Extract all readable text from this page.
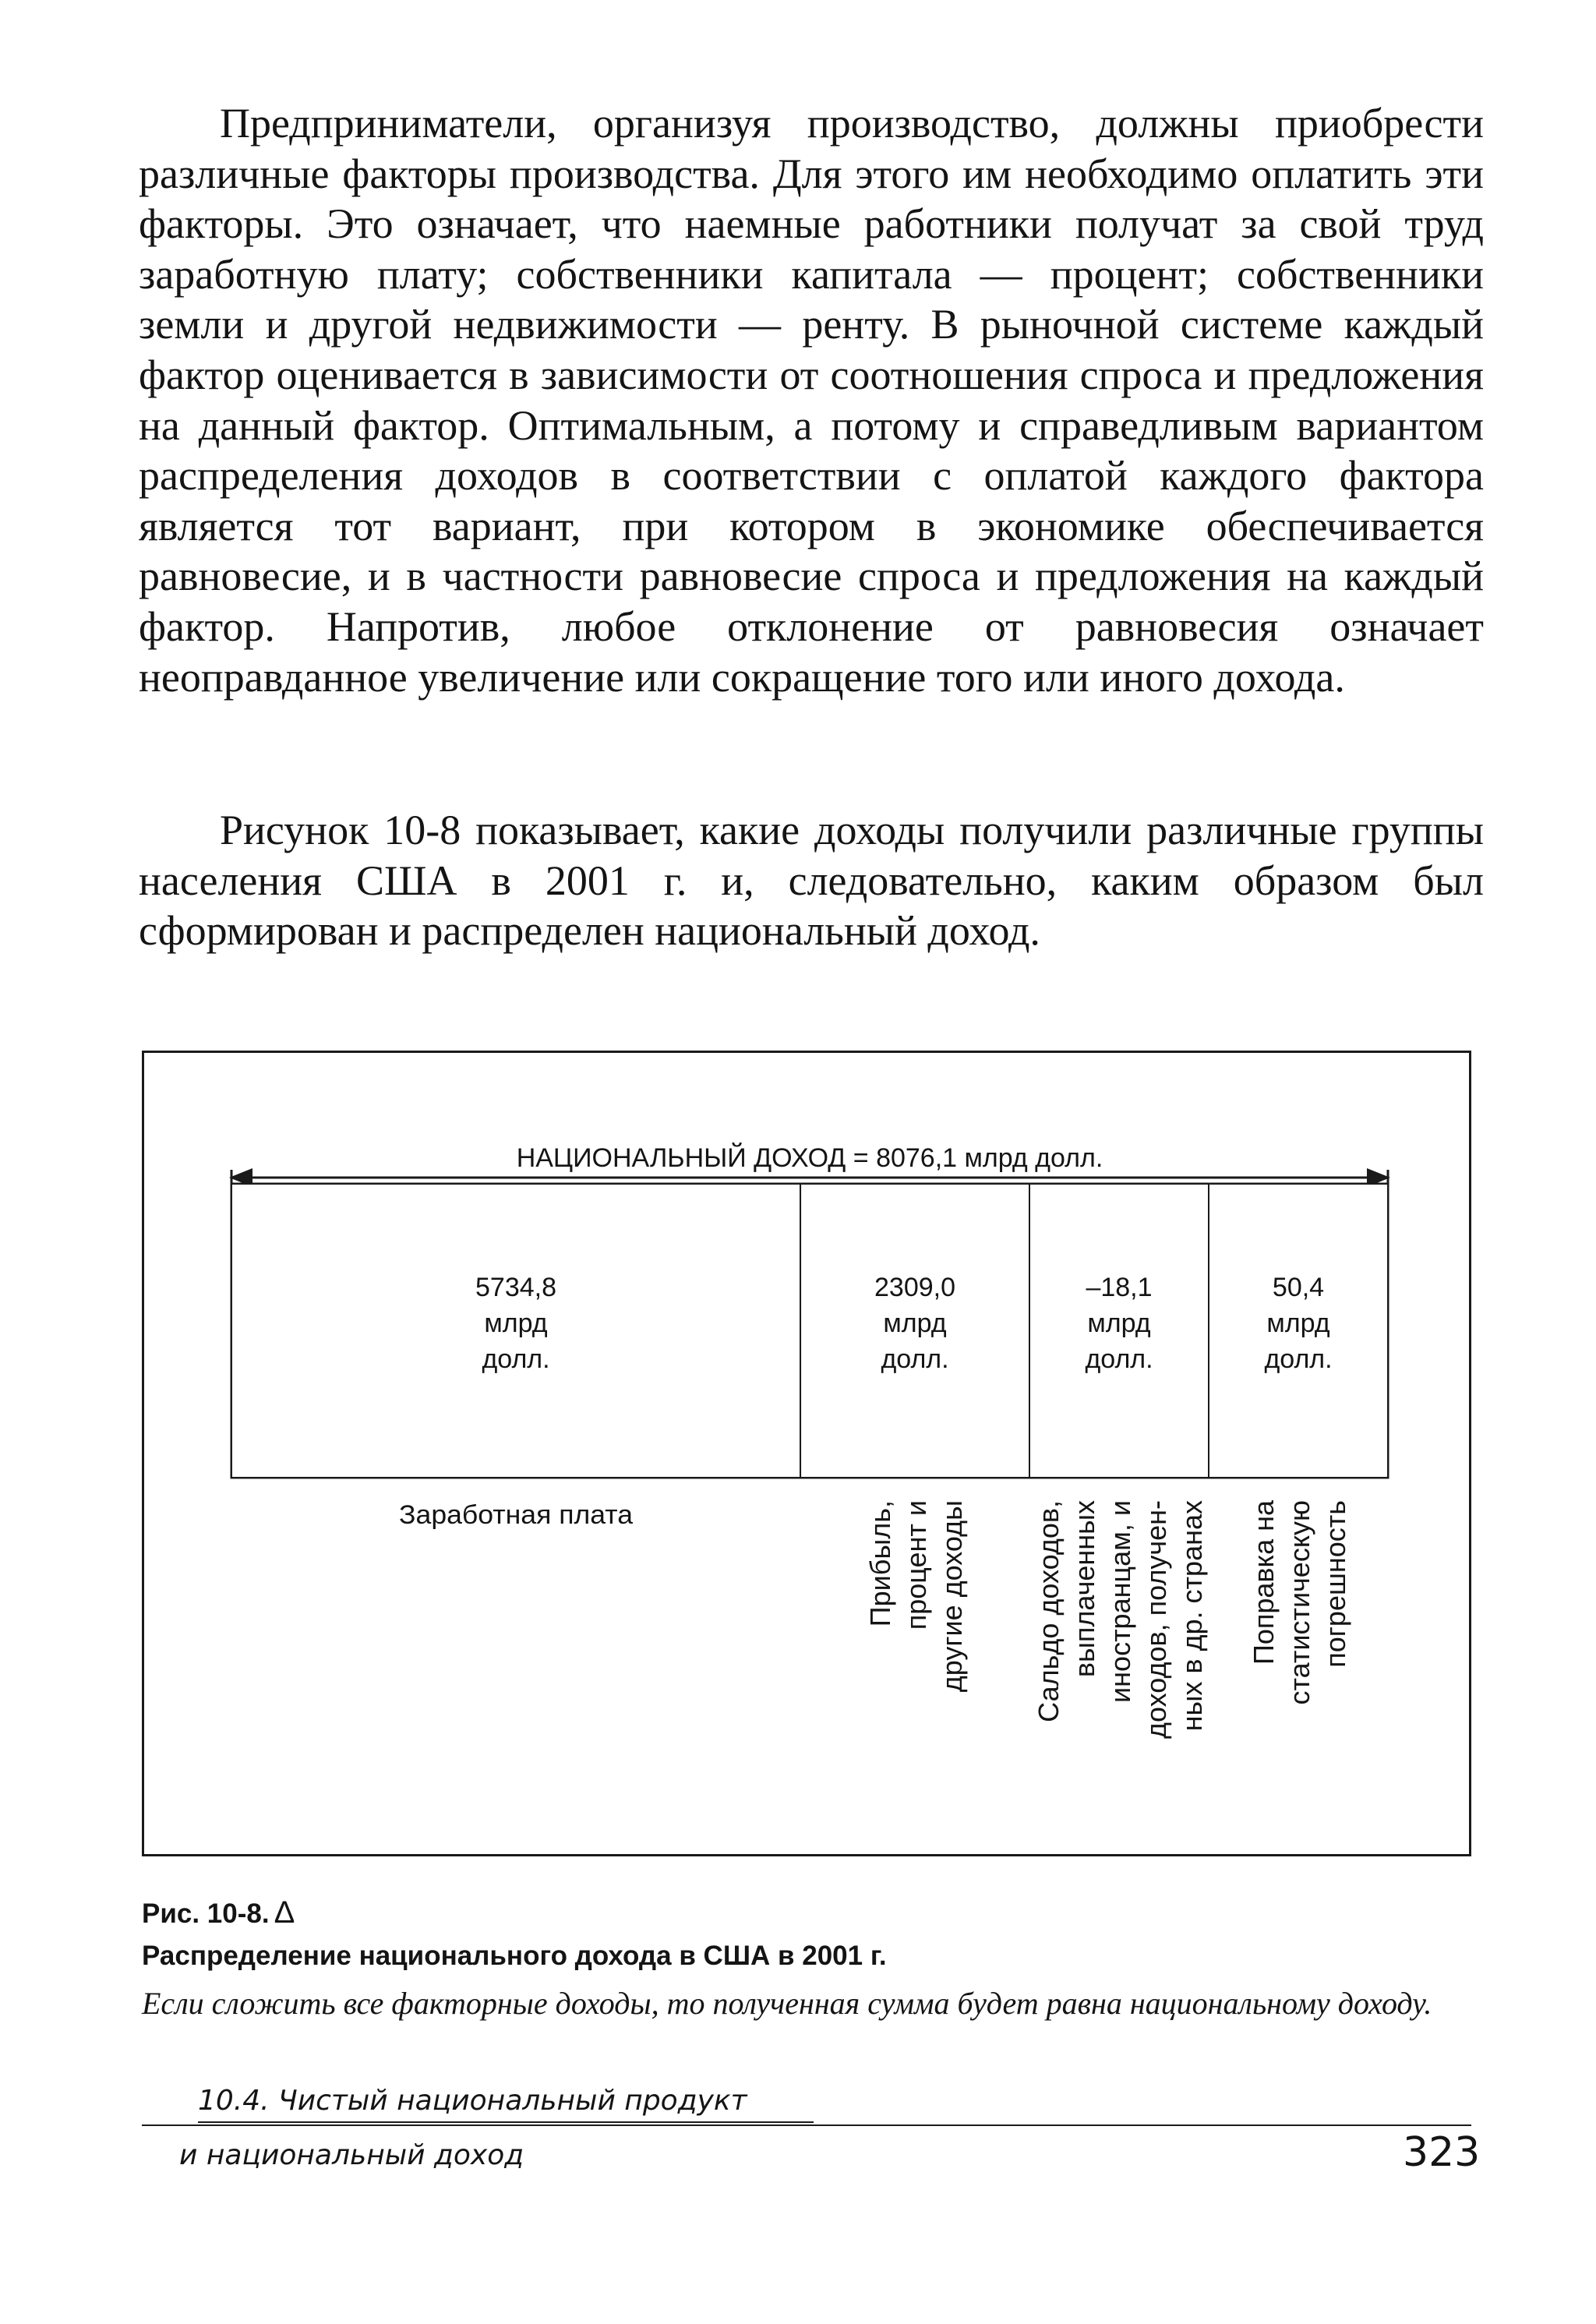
Предприниматели, организуя производство, должны приобрести различные факторы производства. Для этого им необходимо оплатить эти факторы. Это означает, что наемные работники получат за свой труд заработную плату; собственники капитала — процент; собственники земли и другой недвижимости — ренту. В рыночной системе каждый фактор оценивается в зависимости от соотношения спроса и предложения на данный фактор. Оптимальным, а потому и справедливым вариантом распределения доходов в соответствии с оплатой каждого фактора является тот вариант, при котором в экономике обеспечивается равновесие, и в частности равновесие спроса и предложения на каждый фактор. Напротив, любое отклонение от равновесия означает неоправданное увеличение или сокращение того или иного дохода.

Рисунок 10-8 показывает, какие доходы получили различные группы населения США в 2001 г. и, следовательно, каким образом был сформирован и распределен национальный доход.

НАЦИОНАЛЬНЫЙ ДОХОД = 8076,1 млрд долл.
5734,8
млрд
долл.
Заработная плата
2309,0
млрд
долл.
Прибыль, процент и другие доходы
–18,1
млрд
долл.
Сальдо доходов, выплаченных иностранцам, и доходов, получен- ных в др. странах
50,4
млрд
долл.
Поправка на статистическую погрешность

Рис. 10-8. Δ

Распределение национального дохода в США в 2001 г.

Если сложить все факторные доходы, то полученная сумма будет равна национальному доходу.

10.4. Чистый национальный продукт

и национальный доход	323
